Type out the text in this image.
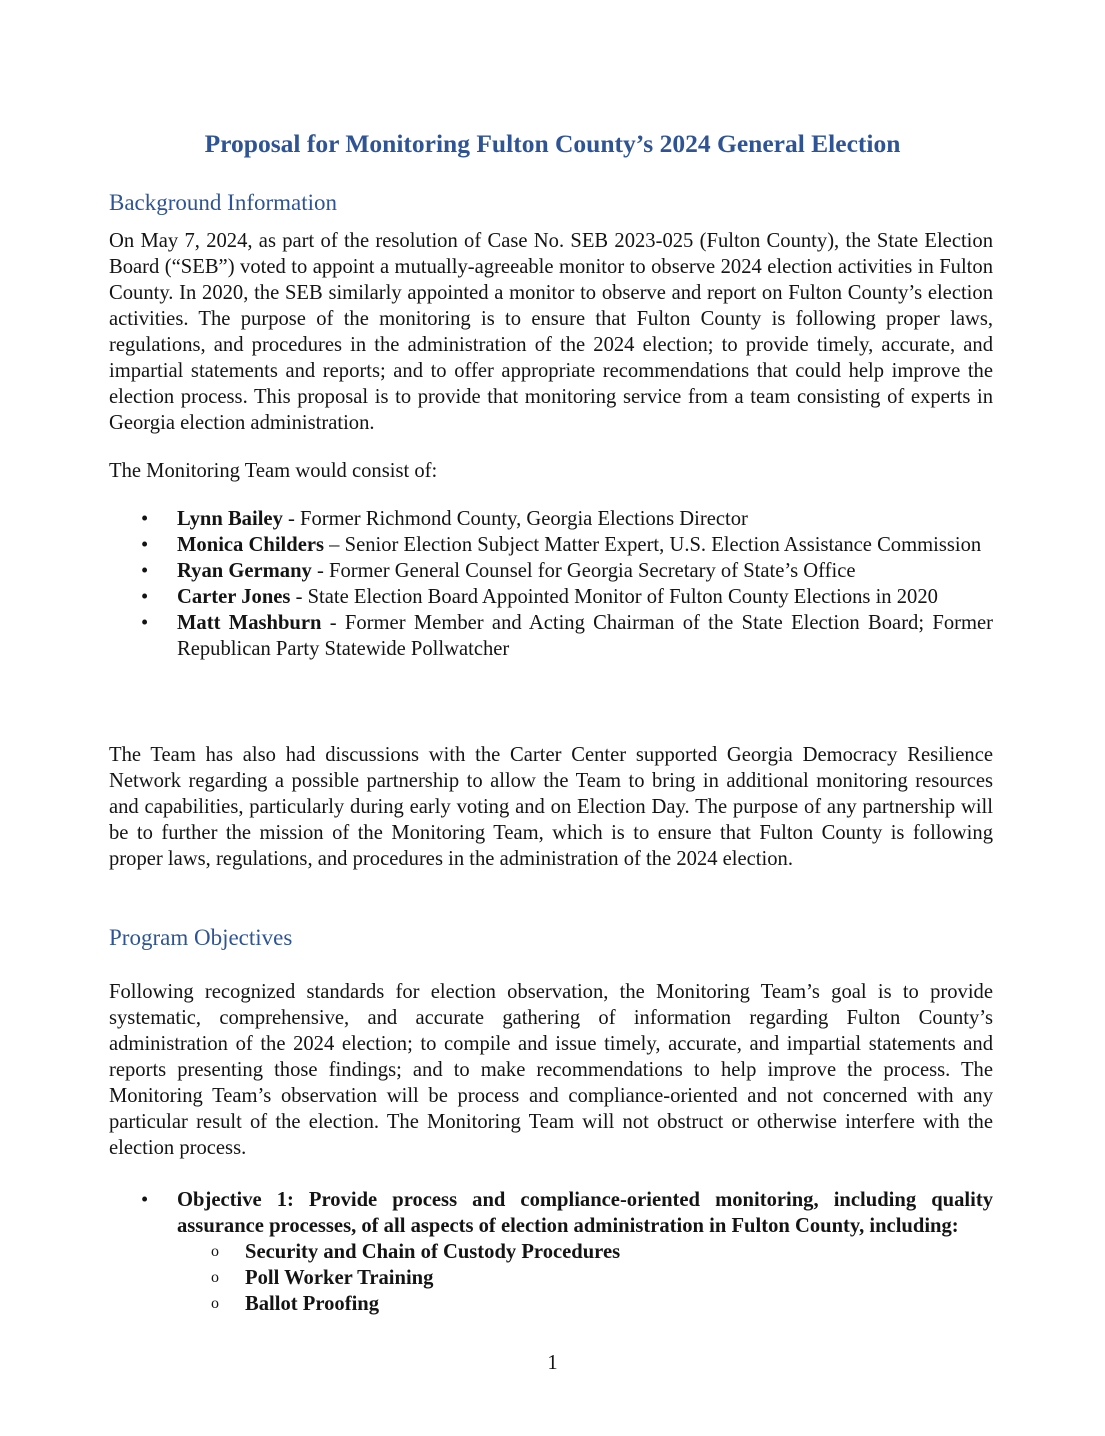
Proposal for Monitoring Fulton County’s 2024 General Election
Background Information

On May 7, 2024, as part of the resolution of Case No. SEB 2023-025 (Fulton County), the State Election Board (“SEB”) voted to appoint a mutually-agreeable monitor to observe 2024 election activities in Fulton County. In 2020, the SEB similarly appointed a monitor to observe and report on Fulton County’s election activities. The purpose of the monitoring is to ensure that Fulton County is following proper laws, regulations, and procedures in the administration of the 2024 election; to provide timely, accurate, and impartial statements and reports; and to offer appropriate recommendations that could help improve the election process. This proposal is to provide that monitoring service from a team consisting of experts in Georgia election administration.

The Monitoring Team would consist of:

• Lynn Bailey - Former Richmond County, Georgia Elections Director
• Monica Childers – Senior Election Subject Matter Expert, U.S. Election Assistance Commission
• Ryan Germany - Former General Counsel for Georgia Secretary of State’s Office
• Carter Jones - State Election Board Appointed Monitor of Fulton County Elections in 2020
• Matt Mashburn - Former Member and Acting Chairman of the State Election Board; Former Republican Party Statewide Pollwatcher

The Team has also had discussions with the Carter Center supported Georgia Democracy Resilience Network regarding a possible partnership to allow the Team to bring in additional monitoring resources and capabilities, particularly during early voting and on Election Day. The purpose of any partnership will be to further the mission of the Monitoring Team, which is to ensure that Fulton County is following proper laws, regulations, and procedures in the administration of the 2024 election.

Program Objectives

Following recognized standards for election observation, the Monitoring Team’s goal is to provide systematic, comprehensive, and accurate gathering of information regarding Fulton County’s administration of the 2024 election; to compile and issue timely, accurate, and impartial statements and reports presenting those findings; and to make recommendations to help improve the process. The Monitoring Team’s observation will be process and compliance-oriented and not concerned with any particular result of the election. The Monitoring Team will not obstruct or otherwise interfere with the election process.

• Objective 1: Provide process and compliance-oriented monitoring, including quality assurance processes, of all aspects of election administration in Fulton County, including:
o Security and Chain of Custody Procedures
o Poll Worker Training
o Ballot Proofing
1
